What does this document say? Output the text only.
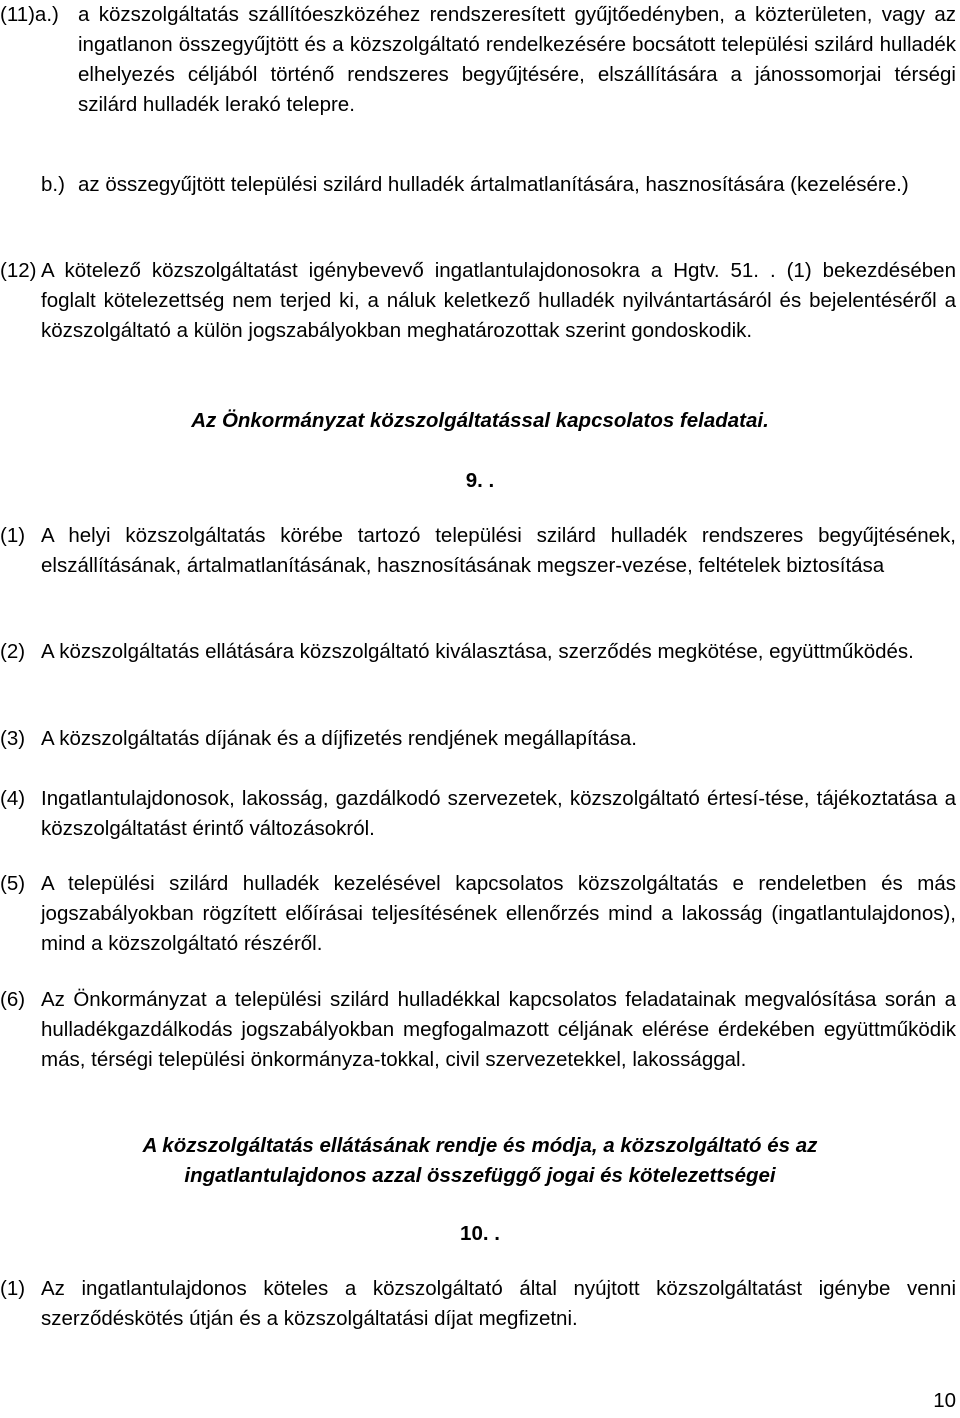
(11)a.) a közszolgáltatás szállítóeszközéhez rendszeresített gyűjtőedényben, a közterületen, vagy az ingatlanon összegyűjtött és a közszolgáltató rendelkezésére bocsátott települési szilárd hulladék elhelyezés céljából történő rendszeres begyűjtésére, elszállítására a jánossomorjai térségi szilárd hulladék lerakó telepre.
b.) az összegyűjtött települési szilárd hulladék ártalmatlanítására, hasznosítására (kezelésére.)
(12) A kötelező közszolgáltatást igénybevevő ingatlantulajdonosokra a Hgtv. 51. . (1) bekezdésében foglalt kötelezettség nem terjed ki, a náluk keletkező hulladék nyilvántartásáról és bejelentéséről a közszolgáltató a külön jogszabályokban meghatározottak szerint gondoskodik.
Az Önkormányzat közszolgáltatással kapcsolatos feladatai.
9. .
(1) A helyi közszolgáltatás körébe tartozó települési szilárd hulladék rendszeres begyűjtésének, elszállításának, ártalmatlanításának, hasznosításának megszer-vezése, feltételek biztosítása
(2) A közszolgáltatás ellátására közszolgáltató kiválasztása, szerződés megkötése, együttműködés.
(3) A közszolgáltatás díjának és a díjfizetés rendjének megállapítása.
(4) Ingatlantulajdonosok, lakosság, gazdálkodó szervezetek, közszolgáltató értesí-tése, tájékoztatása a közszolgáltatást érintő változásokról.
(5) A települési szilárd hulladék kezelésével kapcsolatos közszolgáltatás e rendeletben és más jogszabályokban rögzített előírásai teljesítésének ellenőrzés mind a lakosság (ingatlantulajdonos), mind a közszolgáltató részéről.
(6) Az Önkormányzat a települési szilárd hulladékkal kapcsolatos feladatainak megvalósítása során a hulladékgazdálkodás jogszabályokban megfogalmazott céljának elérése érdekében együttműködik más, térségi települési önkormányza-tokkal, civil szervezetekkel, lakossággal.
A közszolgáltatás ellátásának rendje és módja, a közszolgáltató és az
ingatlantulajdonos azzal összefüggő jogai és kötelezettségei
10. .
(1) Az ingatlantulajdonos köteles a közszolgáltató által nyújtott közszolgáltatást igénybe venni szerződéskötés útján és a közszolgáltatási díjat megfizetni.
10
